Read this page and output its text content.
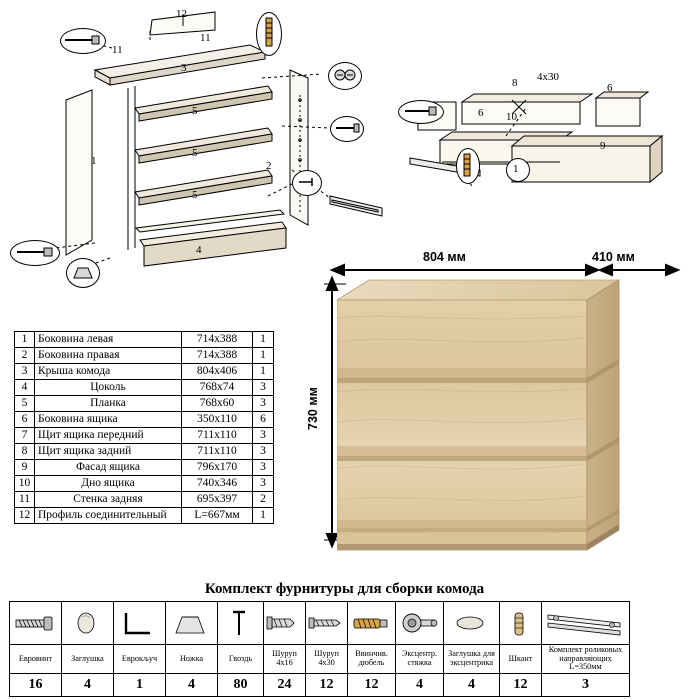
12
11
11
3
5
5
5
1	2
4
1
8 4x30
6
6
10
9
1	Боковина левая	714x388	1
2	Боковина правая	714x388	1
3	Крыша комода	804x406	1
4	Цоколь	768x74	3
5	Планка	768x60	3
6	Боковина ящика	350x110	6
7	Щит ящика передний	711x110	3
8	Щит ящика задний	711x110	3
9	Фасад ящика	796x170	3
10	Дно ящика	740x346	3
11	Стенка задняя	695x397	2
12	Профиль соединительный	L=667мм	1
804 мм	410 мм
730 мм
Комплект фурнитуры для сборки комода

Евровинт	Заглушка	Еврокључ	Ножка	Гвоздь	Шуруп 4x16	Шуруп 4x30	Ввинчив. дюбель	Эксцентр. стяжка	Заглушка для эксцентрика	Шкант	Комплект роликовых направляющих L=350мм
16	4	1	4	80	24	12	12	4	4	12	3
